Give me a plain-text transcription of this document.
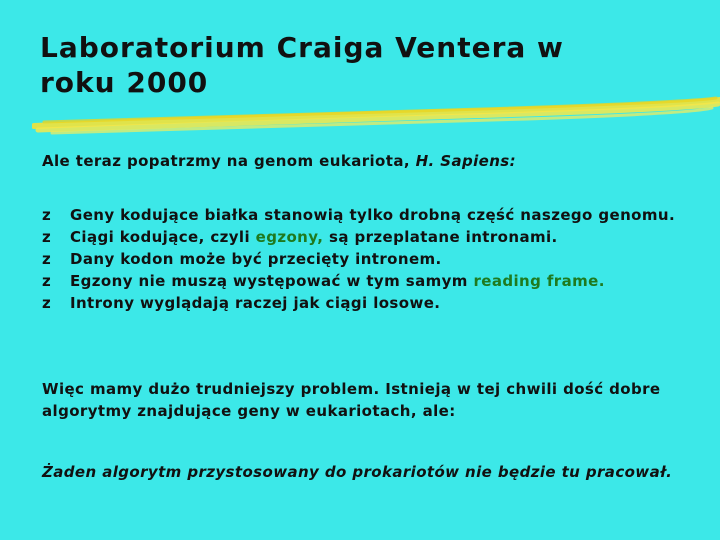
Laboratorium Craiga Ventera w
roku 2000
Ale teraz popatrzmy na genom eukariota, H. Sapiens:
z Geny kodujące białka stanowią tylko drobną część naszego genomu.
z Ciągi kodujące, czyli egzony, są przeplatane intronami.
z Dany kodon może być przecięty intronem.
z Egzony nie muszą występować w tym samym reading frame.
z Introny wyglądają raczej jak ciągi losowe.
Więc mamy dużo trudniejszy problem. Istnieją w tej chwili dość dobre algorytmy znajdujące geny w eukariotach, ale:
Żaden algorytm przystosowany do prokariotów nie będzie tu pracował.
